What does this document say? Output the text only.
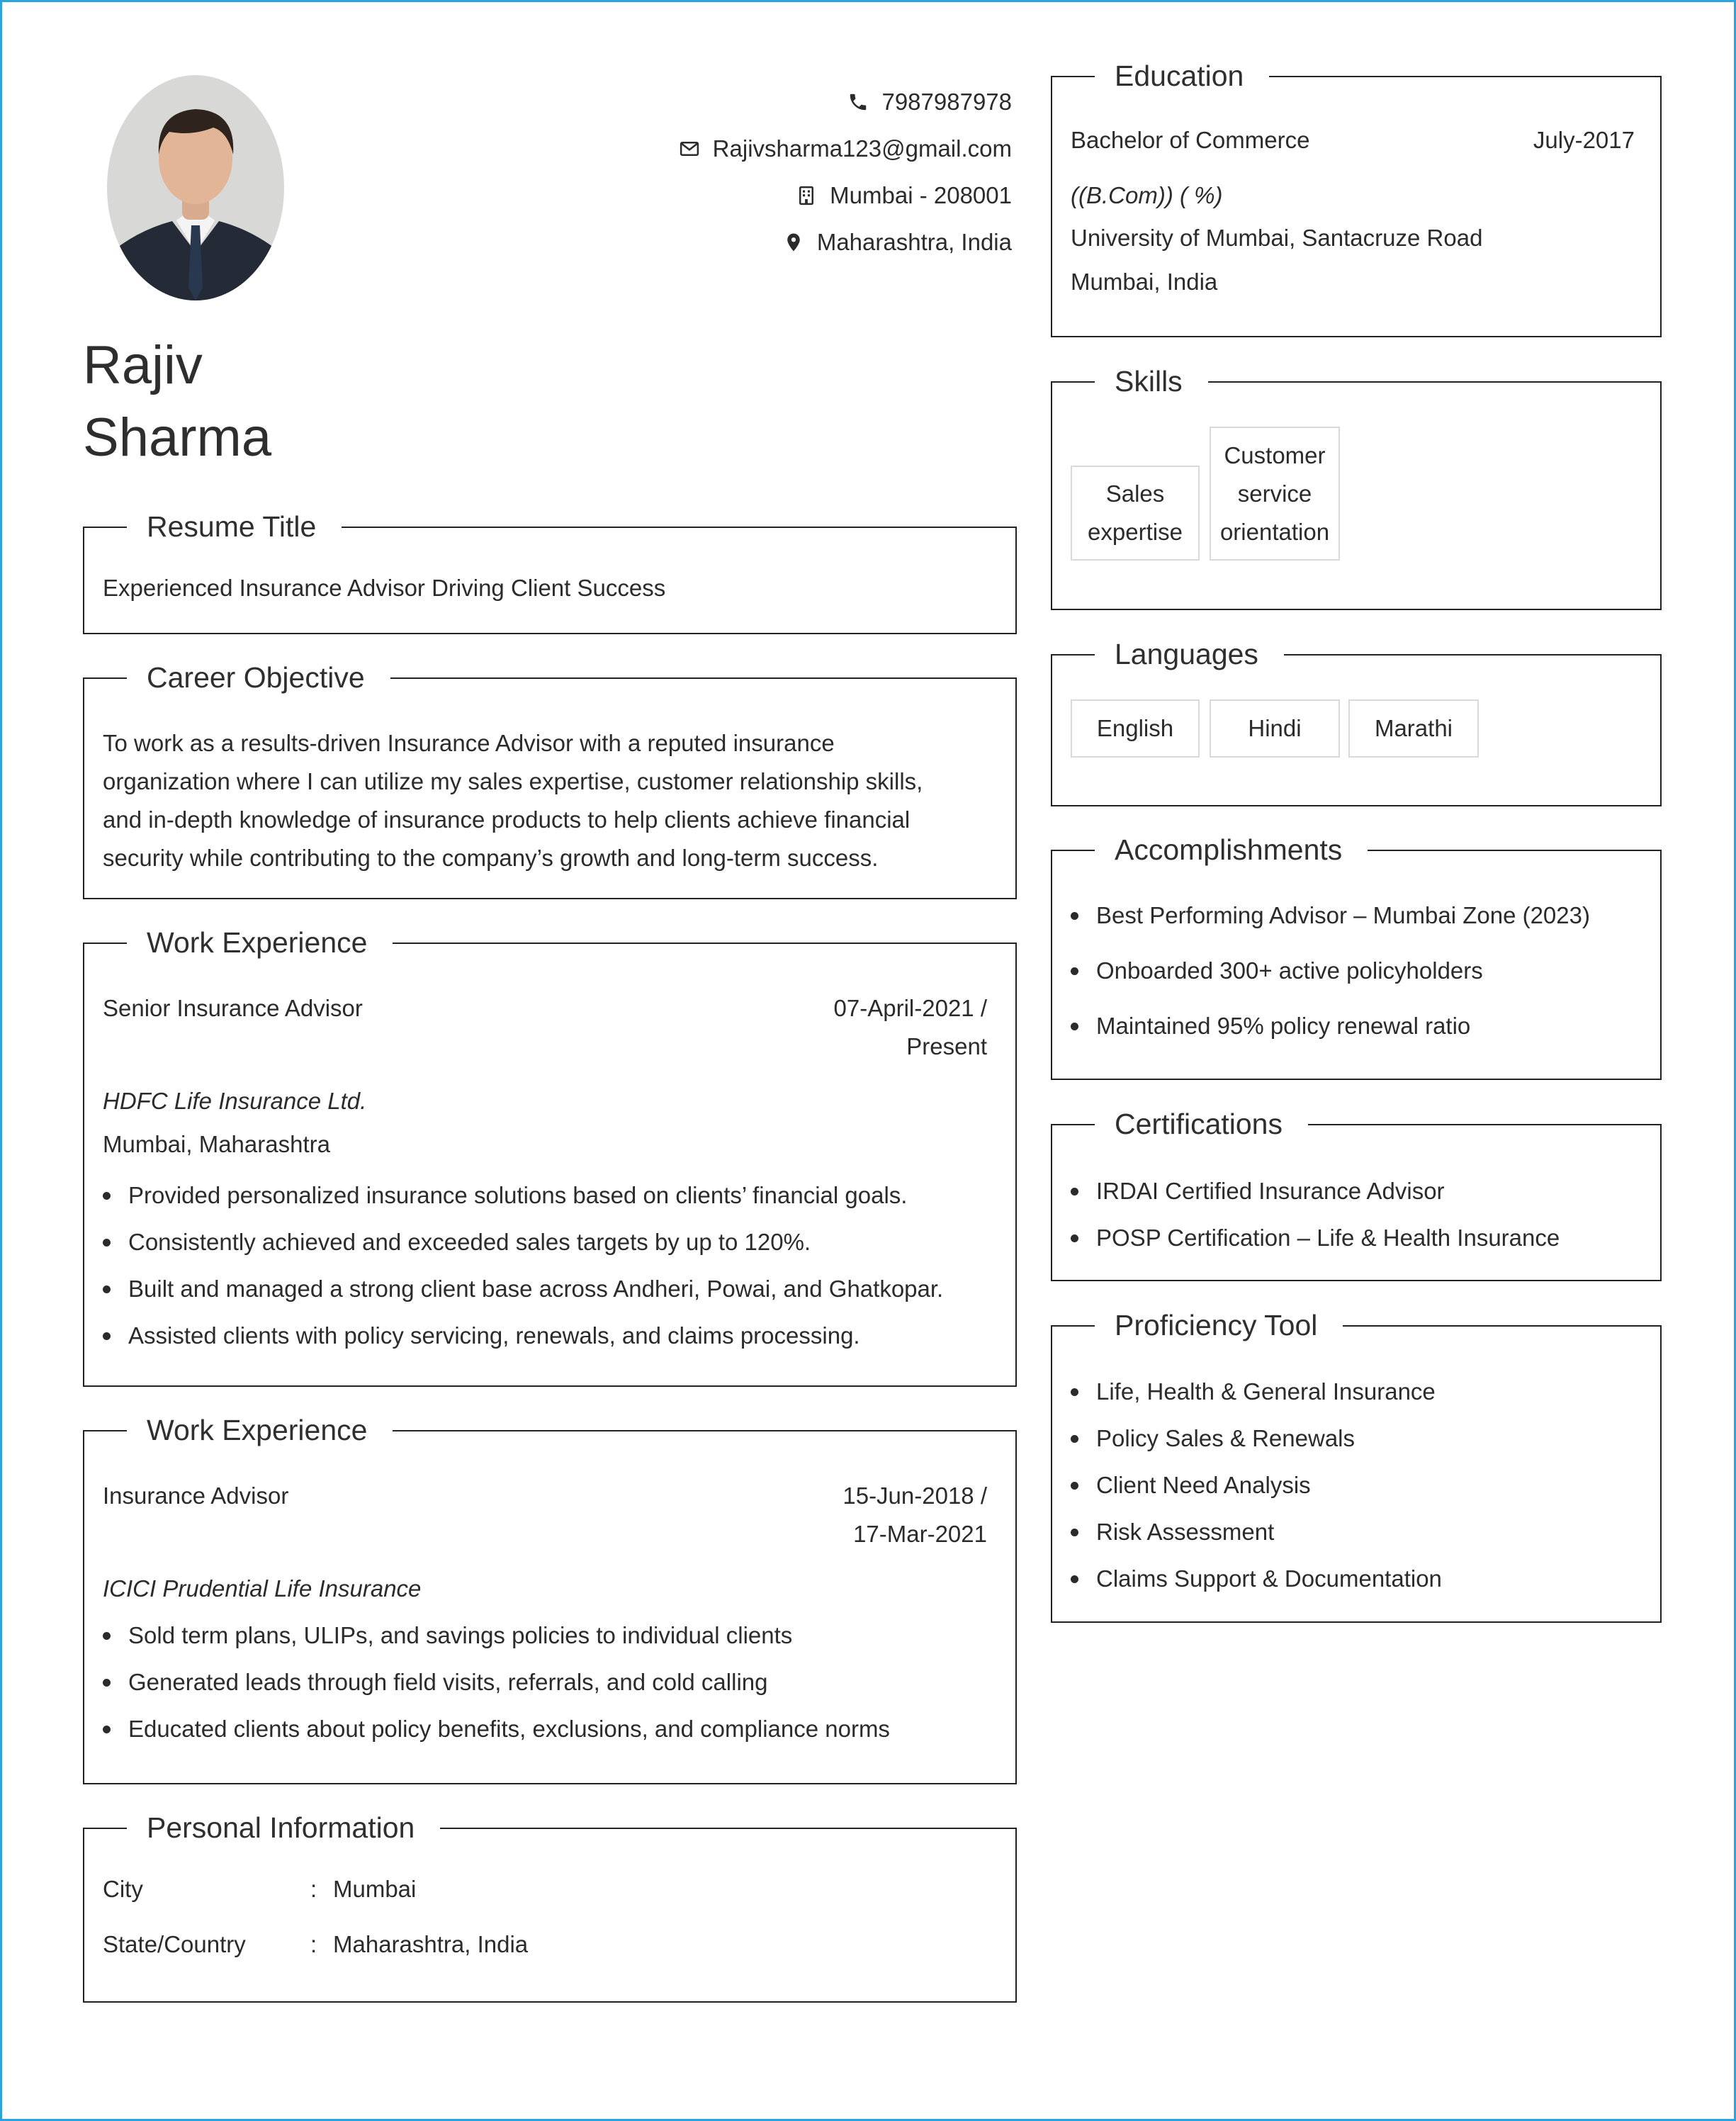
7987987978
Rajivsharma123@gmail.com
Mumbai - 208001
Maharashtra, India
Rajiv
Sharma
Resume Title
Experienced Insurance Advisor Driving Client Success
Career Objective
To work as a results-driven Insurance Advisor with a reputed insurance
organization where I can utilize my sales expertise, customer relationship skills,
and in-depth knowledge of insurance products to help clients achieve financial
security while contributing to the company’s growth and long-term success.
Work Experience
Senior Insurance Advisor	07-April-2021 /
Present
HDFC Life Insurance Ltd.
Mumbai, Maharashtra
Provided personalized insurance solutions based on clients’ financial goals.
Consistently achieved and exceeded sales targets by up to 120%.
Built and managed a strong client base across Andheri, Powai, and Ghatkopar.
Assisted clients with policy servicing, renewals, and claims processing.
Work Experience
Insurance Advisor	15-Jun-2018 /
17-Mar-2021
ICICI Prudential Life Insurance
Sold term plans, ULIPs, and savings policies to individual clients
Generated leads through field visits, referrals, and cold calling
Educated clients about policy benefits, exclusions, and compliance norms
Personal Information
City	: Mumbai
State/Country	: Maharashtra, India
Education
Bachelor of Commerce	July-2017
((B.Com)) ( %)
University of Mumbai, Santacruze Road
Mumbai, India
Skills
Sales
expertise
Customer
service
orientation
Languages
English	Hindi	Marathi
Accomplishments
Best Performing Advisor – Mumbai Zone (2023)
Onboarded 300+ active policyholders
Maintained 95% policy renewal ratio
Certifications
IRDAI Certified Insurance Advisor
POSP Certification – Life & Health Insurance
Proficiency Tool
Life, Health & General Insurance
Policy Sales & Renewals
Client Need Analysis
Risk Assessment
Claims Support & Documentation
